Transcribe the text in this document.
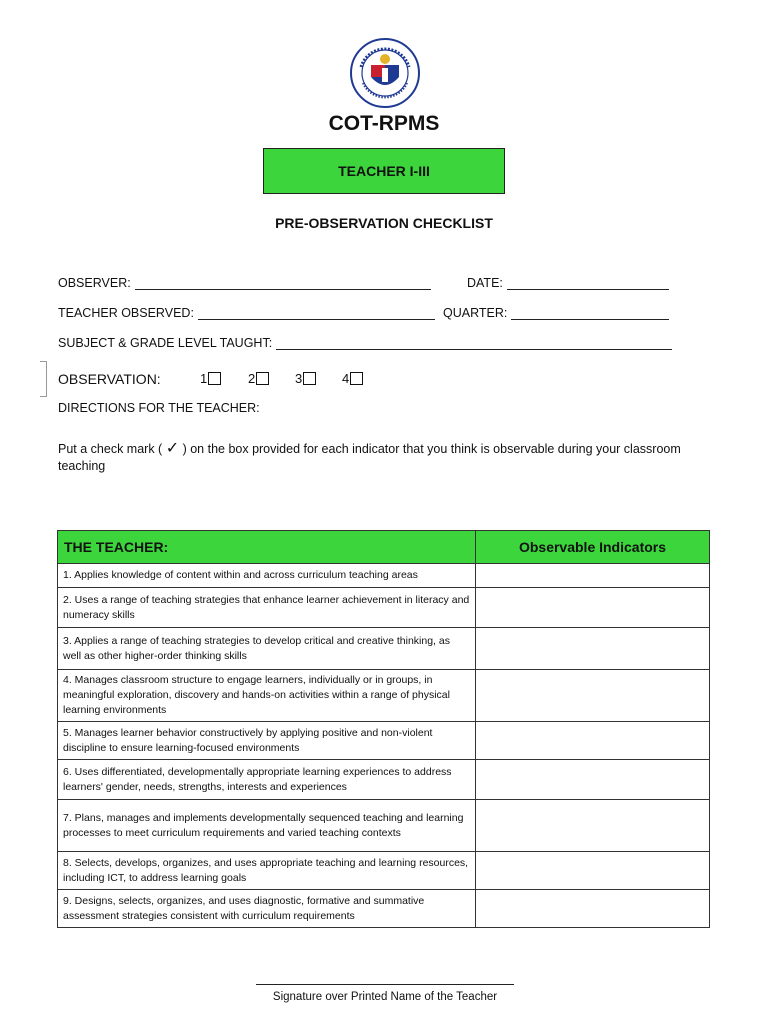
COT-RPMS
TEACHER I-III
PRE-OBSERVATION CHECKLIST
OBSERVER:	DATE:
TEACHER OBSERVED:	QUARTER:
SUBJECT & GRADE LEVEL TAUGHT:
OBSERVATION:	1	2	3	4
DIRECTIONS FOR THE TEACHER:
Put a check mark ( ✓ ) on the box provided for each indicator that you think is observable during your classroom teaching
THE TEACHER:	Observable Indicators
1. Applies knowledge of content within and across curriculum teaching areas	
2. Uses a range of teaching strategies that enhance learner achievement in literacy and numeracy skills	
3. Applies a range of teaching strategies to develop critical and creative thinking, as well as other higher-order thinking skills	
4. Manages classroom structure to engage learners, individually or in groups, in meaningful exploration, discovery and hands-on activities within a range of physical learning environments	
5. Manages learner behavior constructively by applying positive and non-violent discipline to ensure learning-focused environments	
6. Uses differentiated, developmentally appropriate learning experiences to address learners' gender, needs, strengths, interests and experiences	
7. Plans, manages and implements developmentally sequenced teaching and learning processes to meet curriculum requirements and varied teaching contexts	
8. Selects, develops, organizes, and uses appropriate teaching and learning resources, including ICT, to address learning goals	
9. Designs, selects, organizes, and uses diagnostic, formative and summative assessment strategies consistent with curriculum requirements	
Signature over Printed Name of the Teacher
